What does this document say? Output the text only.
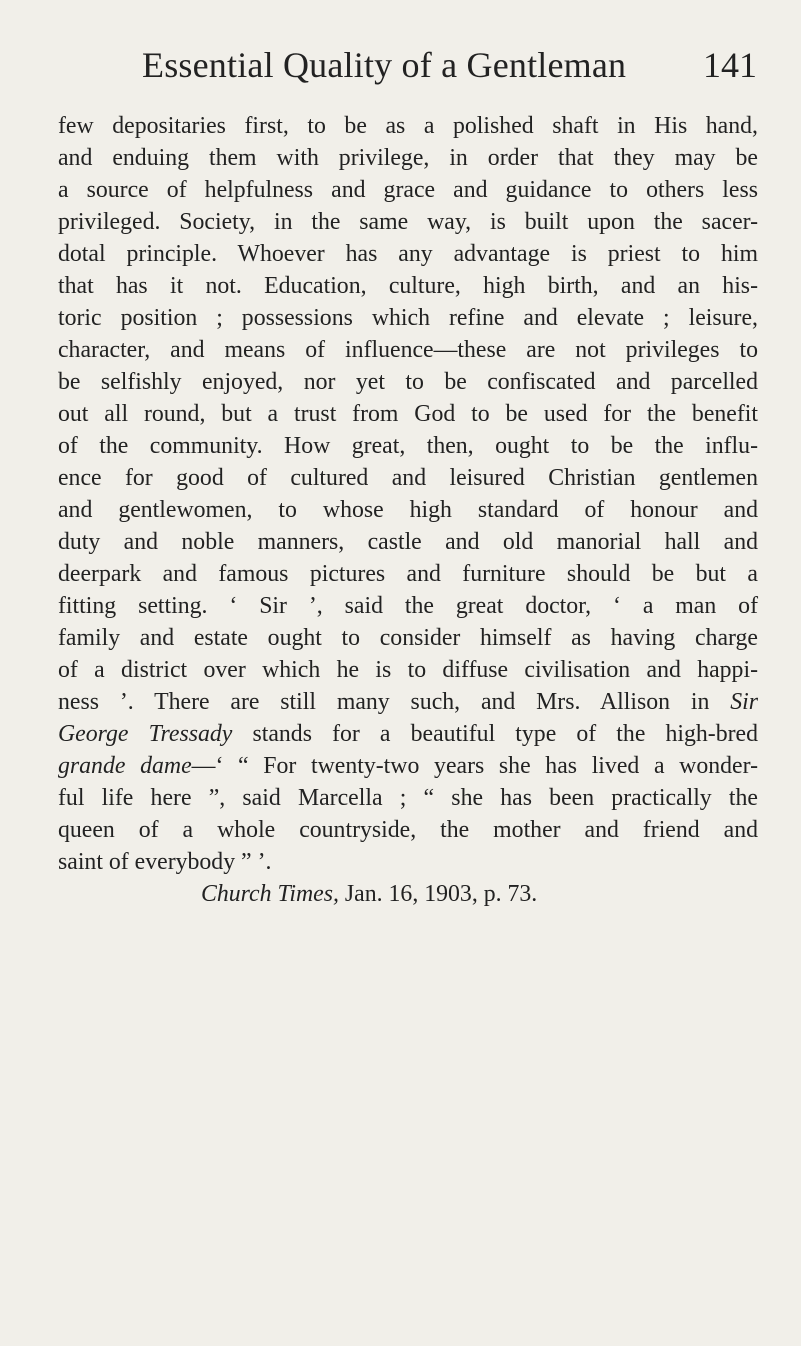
Essential Quality of a Gentleman 141
few depositaries first, to be as a polished shaft in His hand,
and enduing them with privilege, in order that they may be
a source of helpfulness and grace and guidance to others less
privileged. Society, in the same way, is built upon the sacer-
dotal principle. Whoever has any advantage is priest to him
that has it not. Education, culture, high birth, and an his-
toric position ; possessions which refine and elevate ; leisure,
character, and means of influence—these are not privileges to
be selfishly enjoyed, nor yet to be confiscated and parcelled
out all round, but a trust from God to be used for the benefit
of the community. How great, then, ought to be the influ-
ence for good of cultured and leisured Christian gentlemen
and gentlewomen, to whose high standard of honour and
duty and noble manners, castle and old manorial hall and
deerpark and famous pictures and furniture should be but a
fitting setting. ‘ Sir ’, said the great doctor, ‘ a man of
family and estate ought to consider himself as having charge
of a district over which he is to diffuse civilisation and happi-
ness ’. There are still many such, and Mrs. Allison in Sir
George Tressady stands for a beautiful type of the high-bred
grande dame—‘ “ For twenty-two years she has lived a wonder-
ful life here ”, said Marcella ; “ she has been practically the
queen of a whole countryside, the mother and friend and
saint of everybody ” ’.
Church Times, Jan. 16, 1903, p. 73.
